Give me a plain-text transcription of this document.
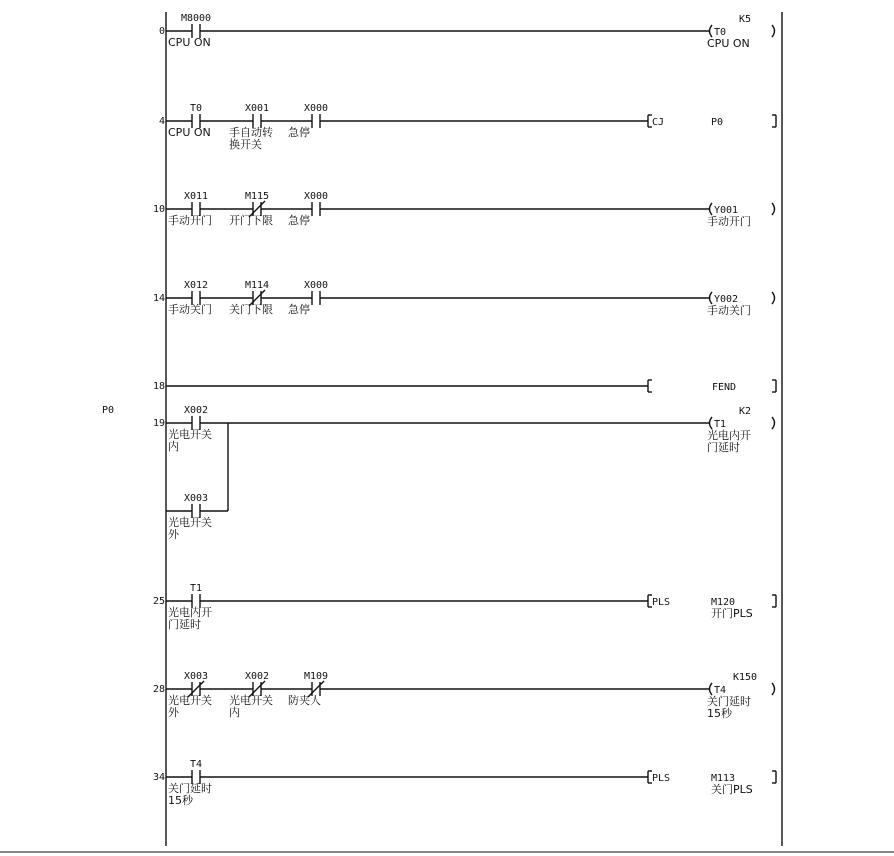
P0
0
M8000
CPU ON
T0
K5
CPU ON
4
T0
CPU ON
X001
手自动转
换开关
X000
急停
CJ	P0
10
X011
手动开门
M115
开门下限
X000
急停
Y001
手动开门
14
X012
手动关门
M114
关门下限
X000
急停
Y002
手动关门
18	FEND
19
X002
光电开关
内
X003
光电开关
外
T1
K2
光电内开
门延时
25
T1
光电内开
门延时
PLS	M120
开门PLS
28
X003
光电开关
外
X002
光电开关
内
M109
防夹人
T4
K150
关门延时
15秒
34
T4
关门延时
15秒
PLS	M113
关门PLS
